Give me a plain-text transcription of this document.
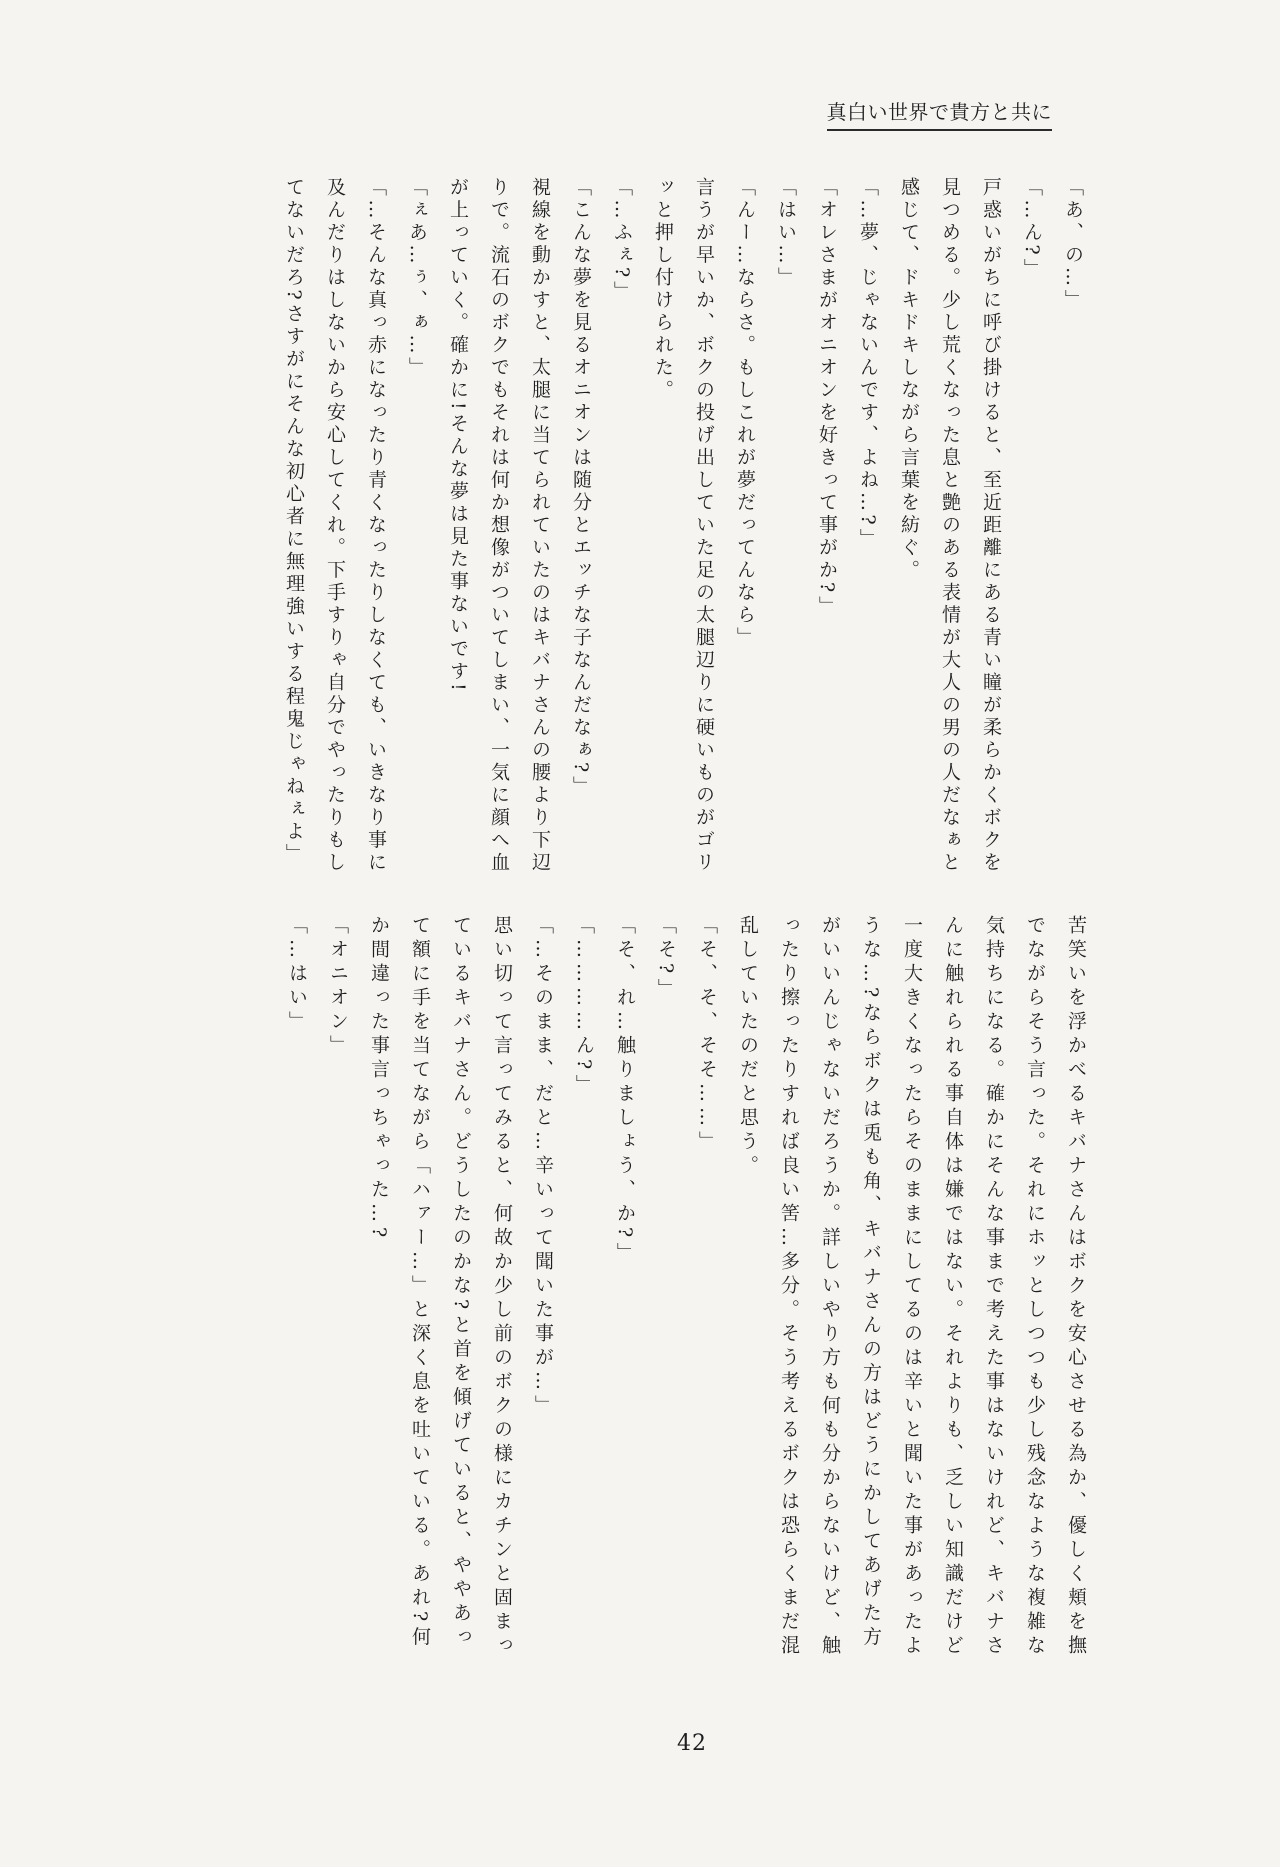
真白い世界で貴方と共に

「あ、の…」

「…ん?」

戸惑いがちに呼び掛けると、至近距離にある青い瞳が柔らかくボクを

見つめる。少し荒くなった息と艶のある表情が大人の男の人だなぁと

感じて、ドキドキしながら言葉を紡ぐ。

「…夢、じゃないんです、よね…?」

「オレさまがオニオンを好きって事がか?」

「はい…」

「んー…ならさ。もしこれが夢だってんなら」

言うが早いか、ボクの投げ出していた足の太腿辺りに硬いものがゴリ

ッと押し付けられた。

「…ふぇ?」

「こんな夢を見るオニオンは随分とエッチな子なんだなぁ?」

視線を動かすと、太腿に当てられていたのはキバナさんの腰より下辺

りで。流石のボクでもそれは何か想像がついてしまい、一気に顔へ血

が上っていく。確かに!そんな夢は見た事ないです!

「ぇあ…ぅ、ぁ…」

「…そんな真っ赤になったり青くなったりしなくても、いきなり事に

及んだりはしないから安心してくれ。下手すりゃ自分でやったりもし

てないだろ?さすがにそんな初心者に無理強いする程鬼じゃねぇよ」

苦笑いを浮かべるキバナさんはボクを安心させる為か、優しく頬を撫

でながらそう言った。それにホッとしつつも少し残念なような複雑な

気持ちになる。確かにそんな事まで考えた事はないけれど、キバナさ

んに触れられる事自体は嫌ではない。それよりも、乏しい知識だけど

一度大きくなったらそのままにしてるのは辛いと聞いた事があったよ

うな…?ならボクは兎も角、キバナさんの方はどうにかしてあげた方

がいいんじゃないだろうか。詳しいやり方も何も分からないけど、触

ったり擦ったりすれば良い筈…多分。そう考えるボクは恐らくまだ混

乱していたのだと思う。

「そ、そ、そそ……」

「そ?」

「そ、れ…触りましょう、か?」

「…………ん?」

「…そのまま、だと…辛いって聞いた事が…」

思い切って言ってみると、何故か少し前のボクの様にカチンと固まっ

ているキバナさん。どうしたのかな?と首を傾げていると、ややあっ

て額に手を当てながら「ハァー…」と深く息を吐いている。あれ?何

か間違った事言っちゃった…?

「オニオン」

「…はい」

42
